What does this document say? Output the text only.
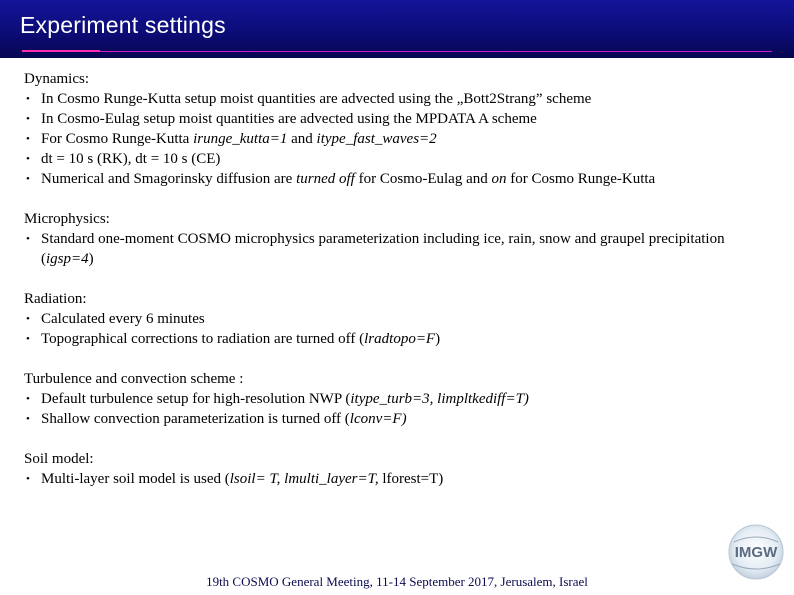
Experiment settings
Dynamics:
• In Cosmo Runge-Kutta setup moist quantities are advected using the „Bott2Strang” scheme
• In Cosmo-Eulag setup moist quantities are advected using the MPDATA A scheme
• For Cosmo Runge-Kutta irunge_kutta=1 and itype_fast_waves=2
• dt = 10 s (RK), dt = 10 s (CE)
• Numerical and Smagorinsky diffusion are turned off for Cosmo-Eulag and on for Cosmo Runge-Kutta
Microphysics:
• Standard one-moment COSMO microphysics parameterization including ice, rain, snow and graupel precipitation (igsp=4)
Radiation:
• Calculated every 6 minutes
• Topographical corrections to radiation are turned off (lradtopo=F)
Turbulence and convection scheme :
• Default turbulence setup for high-resolution NWP (itype_turb=3, limpltkediff=T)
• Shallow convection parameterization is turned off (lconv=F)
Soil model:
• Multi-layer soil model is used (lsoil= T, lmulti_layer=T, lforest=T)
IMGW
19th COSMO General Meeting, 11-14 September 2017, Jerusalem, Israel
